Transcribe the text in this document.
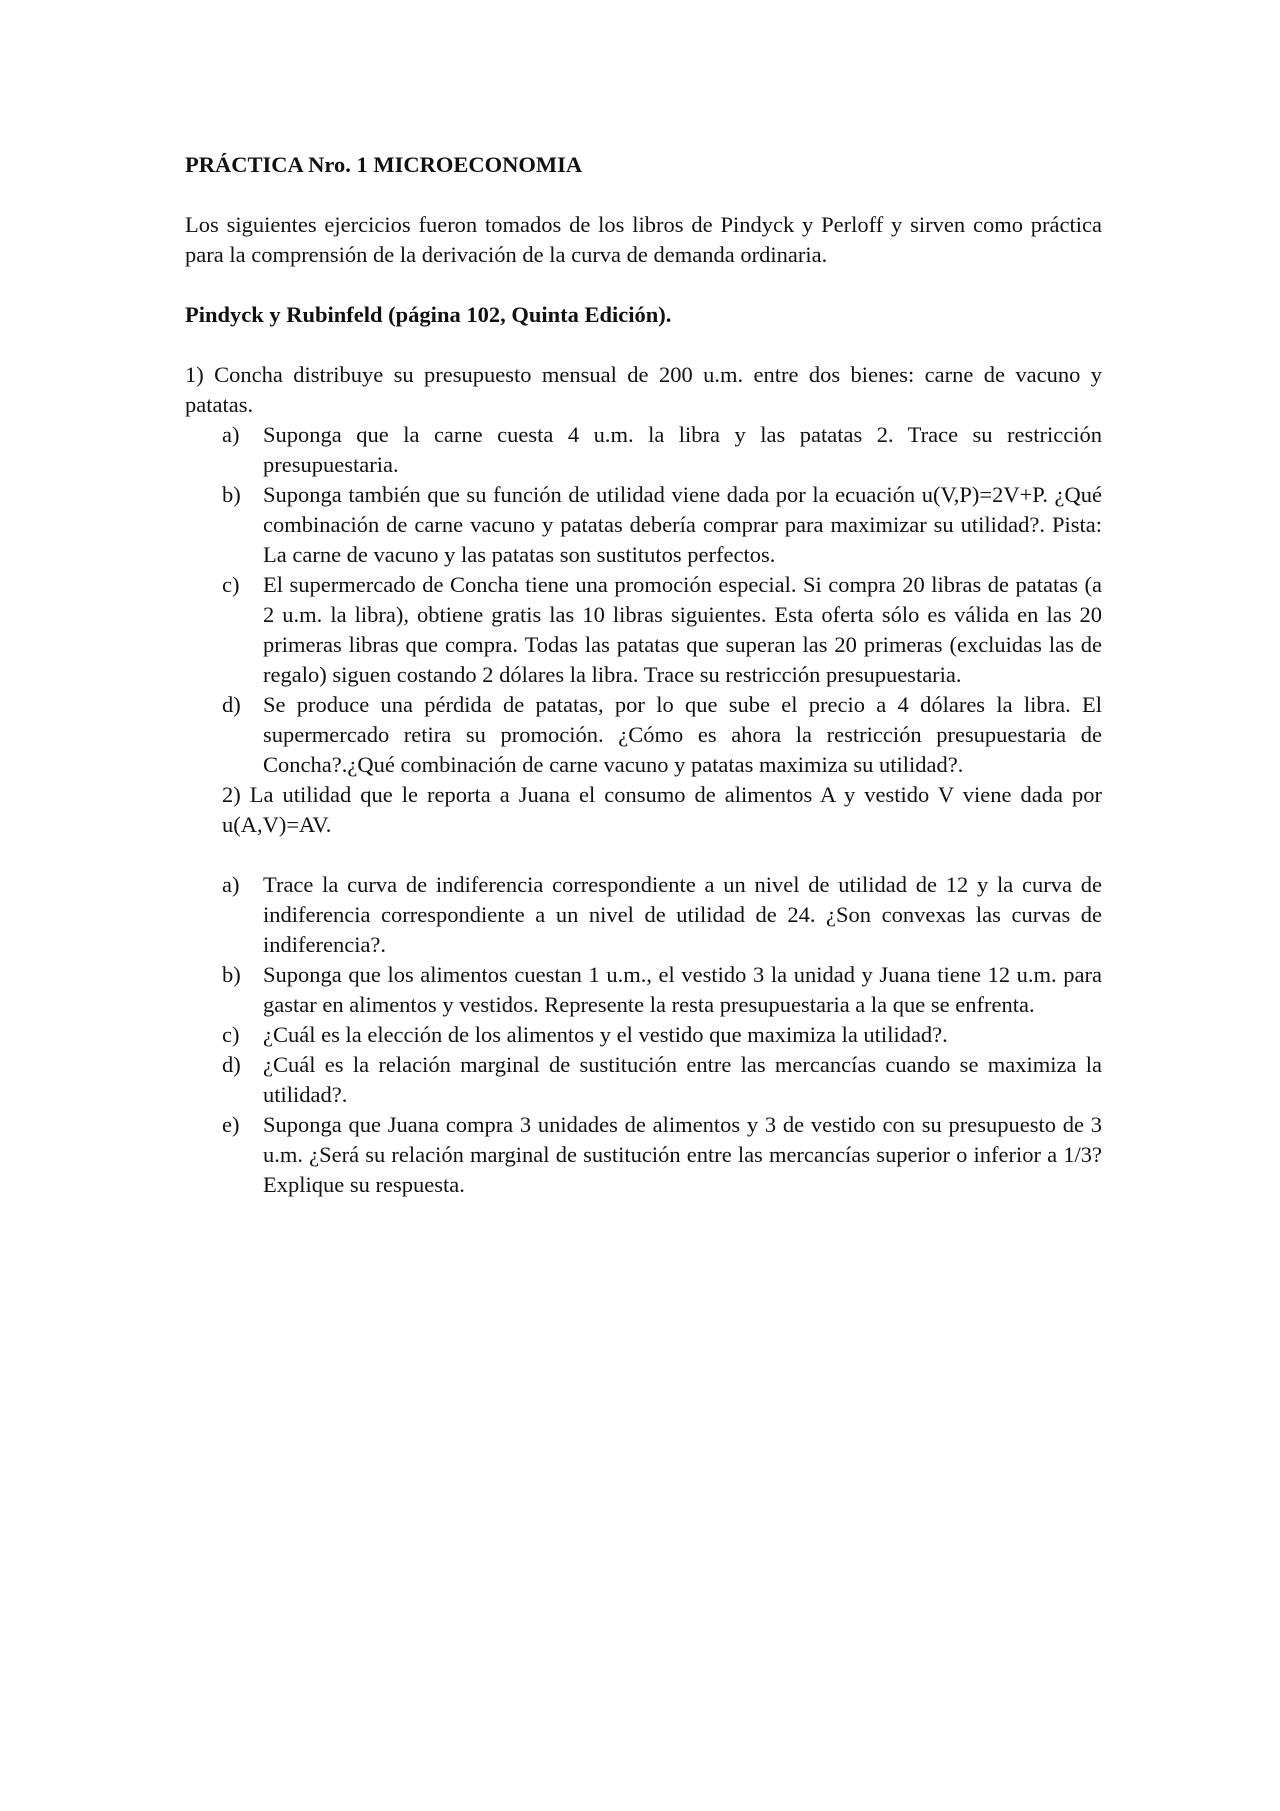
PRÁCTICA Nro. 1 MICROECONOMIA
Los siguientes ejercicios fueron tomados de los libros de Pindyck y Perloff y sirven como práctica para la comprensión de la derivación de la curva de demanda ordinaria.
Pindyck y Rubinfeld (página 102, Quinta Edición).
1) Concha distribuye su presupuesto mensual de 200 u.m. entre dos bienes: carne de vacuno y patatas.
a) Suponga que la carne cuesta 4 u.m. la libra y las patatas 2. Trace su restricción presupuestaria.
b) Suponga también que su función de utilidad viene dada por la ecuación u(V,P)=2V+P. ¿Qué combinación de carne vacuno y patatas debería comprar para maximizar su utilidad?. Pista: La carne de vacuno y las patatas son sustitutos perfectos.
c) El supermercado de Concha tiene una promoción especial. Si compra 20 libras de patatas (a 2 u.m. la libra), obtiene gratis las 10 libras siguientes. Esta oferta sólo es válida en las 20 primeras libras que compra. Todas las patatas que superan las 20 primeras (excluidas las de regalo) siguen costando 2 dólares la libra. Trace su restricción presupuestaria.
d) Se produce una pérdida de patatas, por lo que sube el precio a 4 dólares la libra. El supermercado retira su promoción. ¿Cómo es ahora la restricción presupuestaria de Concha?.¿Qué combinación de carne vacuno y patatas maximiza su utilidad?.
2) La utilidad que le reporta a Juana el consumo de alimentos A y vestido V viene dada por u(A,V)=AV.
a) Trace la curva de indiferencia correspondiente a un nivel de utilidad de 12 y la curva de indiferencia correspondiente a un nivel de utilidad de 24. ¿Son convexas las curvas de indiferencia?.
b) Suponga que los alimentos cuestan 1 u.m., el vestido 3 la unidad y Juana tiene 12 u.m. para gastar en alimentos y vestidos. Represente la resta presupuestaria a la que se enfrenta.
c) ¿Cuál es la elección de los alimentos y el vestido que maximiza la utilidad?.
d) ¿Cuál es la relación marginal de sustitución entre las mercancías cuando se maximiza la utilidad?.
e) Suponga que Juana compra 3 unidades de alimentos y 3 de vestido con su presupuesto de 3 u.m. ¿Será su relación marginal de sustitución entre las mercancías superior o inferior a 1/3? Explique su respuesta.
